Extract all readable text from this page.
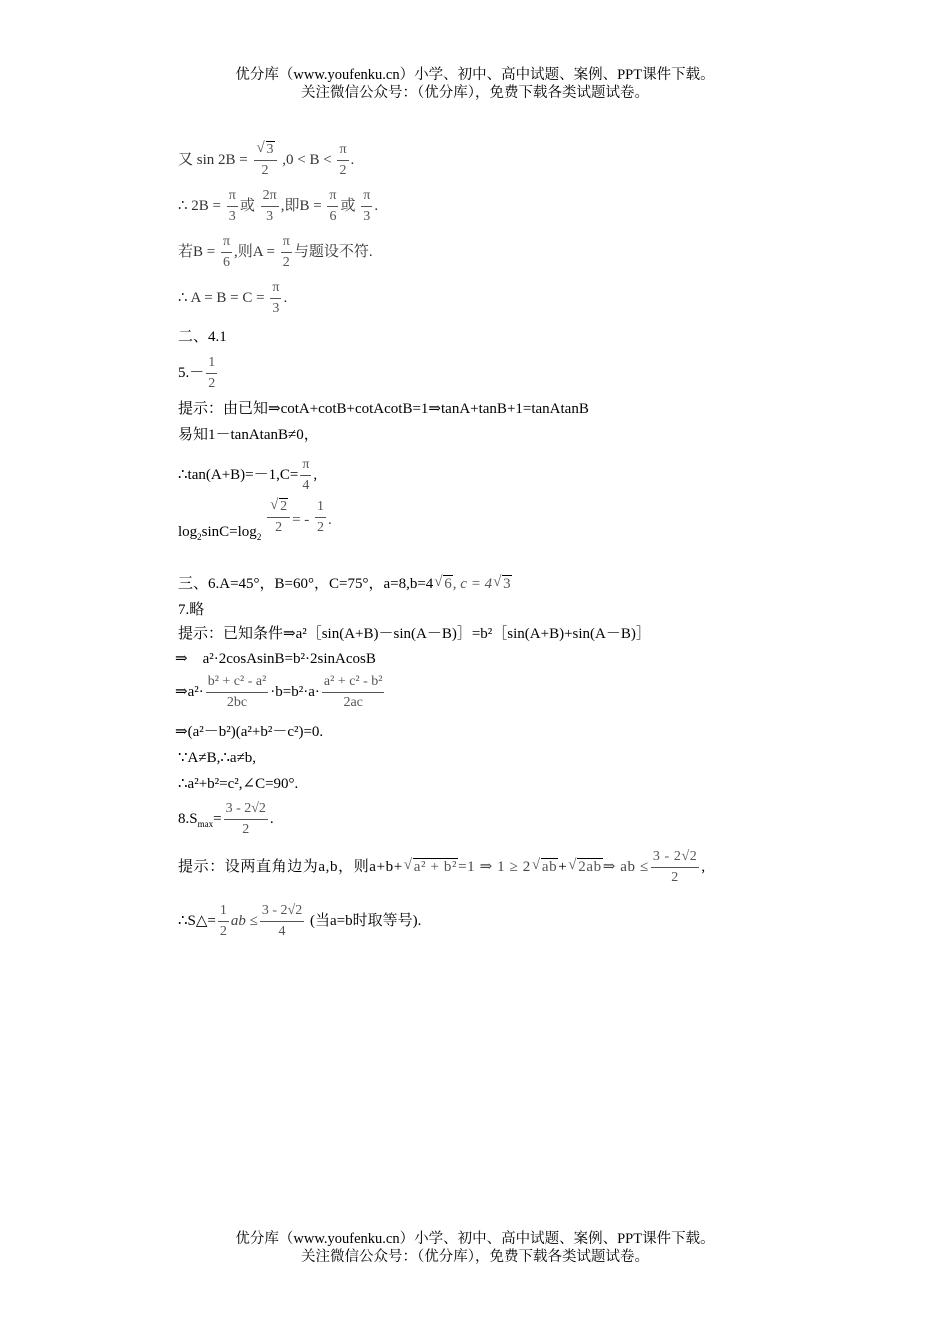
优分库（www.youfenku.cn）小学、初中、高中试题、案例、PPT课件下载。
关注微信公众号：（优分库），免费下载各类试题试卷。
又 sin 2B = √ $\frac{3}{2} ,0 < B < \frac{\pi}{2}$ .
∴ $2B = \frac{\pi}{3}$ 或 $\frac{2\pi}{3}$ ,即$B = \frac{\pi}{6}$ 或 $\frac{\pi}{3}$ .
若$B = \frac{\pi}{6}$ ,则$A = \frac{\pi}{2}$ 与题设不符.
∴ $A = B = C = \frac{\pi}{3}$ .
二、4.1
$5.- \frac{1}{2}$
提示：由已知⇒cotA+cotB+cotAcotB=1⇒tanA+tanB+1=tanAtanB
易知1－tanAtanB≠0，
∴tan(A+B)=－1,C= $\frac{\pi}{4}$ ,
$\log_2\sin C=\log_2$
√ $\frac{2}{2}$ = - $\frac{1}{2}$ .
三、6.A=45°，B=60°，C=75°，a=8,b=4 √ 6, c = 4 √ 3
7.略
提示：已知条件⇒a²［sin(A+B)－sin(A－B)］=b²［sin(A+B)+sin(A－B)］
⇒　a²·2cosAsinB=b²·2sinAcosB
⇒a²· $\frac{\text{b² + c² - a²}}{2bc} \cdot b=b^2\cdot a\cdot \frac{\text{a² + c² - b²}}{2ac}$
⇒(a²－b²)(a²+b²－c²)=0.
∵A≠B,∴a≠b,
∴a²+b²=c²,∠C=90°.
$8.S_{max}= \frac{3 - 2√2}{2}$ .
提示：设两直角边为a,b，则a+b+ √ a² + b²=1 ⇒ 1 ≥ 2 √ ab+ √ 2ab⇒ ab ≤ $\frac{3 - 2√2}{2}$ ,
∴S△= $\frac{1}{2}$ ab ≤ $\frac{3 - 2√2}{4}$ (当a=b时取等号).
优分库（www.youfenku.cn）小学、初中、高中试题、案例、PPT课件下载。
关注微信公众号：（优分库），免费下载各类试题试卷。
